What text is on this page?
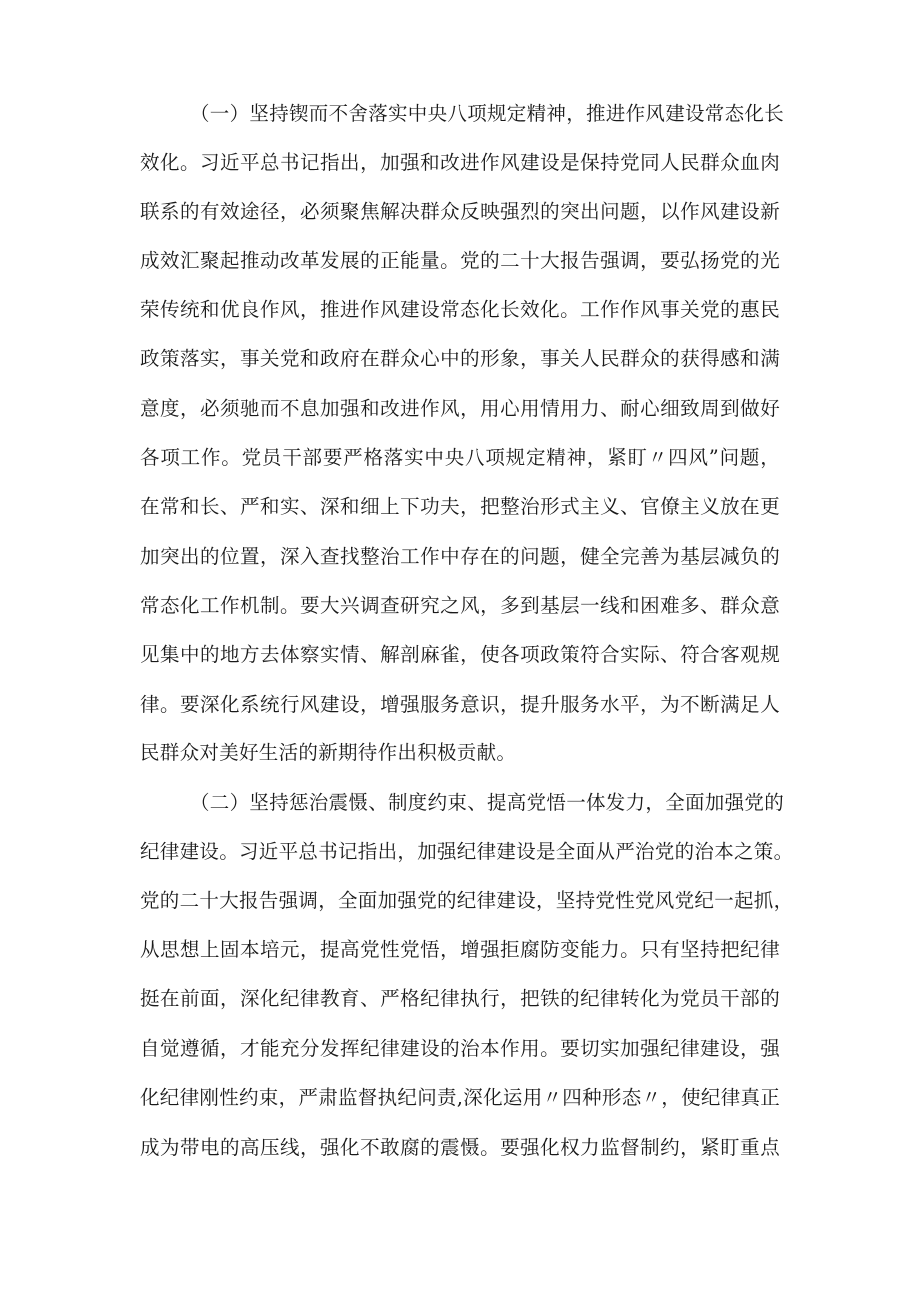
（一）坚持锲而不舍落实中央八项规定精神，推进作风建设常态化长
效化。习近平总书记指出，加强和改进作风建设是保持党同人民群众血肉
联系的有效途径，必须聚焦解决群众反映强烈的突出问题，以作风建设新
成效汇聚起推动改革发展的正能量。党的二十大报告强调，要弘扬党的光
荣传统和优良作风，推进作风建设常态化长效化。工作作风事关党的惠民
政策落实，事关党和政府在群众心中的形象，事关人民群众的获得感和满
意度，必须驰而不息加强和改进作风，用心用情用力、耐心细致周到做好
各项工作。党员干部要严格落实中央八项规定精神，紧盯〃四风”问题，
在常和长、严和实、深和细上下功夫，把整治形式主义、官僚主义放在更
加突出的位置，深入查找整治工作中存在的问题，健全完善为基层减负的
常态化工作机制。要大兴调查研究之风，多到基层一线和困难多、群众意
见集中的地方去体察实情、解剖麻雀，使各项政策符合实际、符合客观规
律。要深化系统行风建设，增强服务意识，提升服务水平，为不断满足人
民群众对美好生活的新期待作出积极贡献。
（二）坚持惩治震慑、制度约束、提高党悟一体发力，全面加强党的
纪律建设。习近平总书记指出，加强纪律建设是全面从严治党的治本之策。
党的二十大报告强调，全面加强党的纪律建设，坚持党性党风党纪一起抓，
从思想上固本培元，提高党性党悟，增强拒腐防变能力。只有坚持把纪律
挺在前面，深化纪律教育、严格纪律执行，把铁的纪律转化为党员干部的
自觉遵循，才能充分发挥纪律建设的治本作用。要切实加强纪律建设，强
化纪律刚性约束，严肃监督执纪问责,深化运用〃四种形态〃，使纪律真正
成为带电的高压线，强化不敢腐的震慑。要强化权力监督制约，紧盯重点
